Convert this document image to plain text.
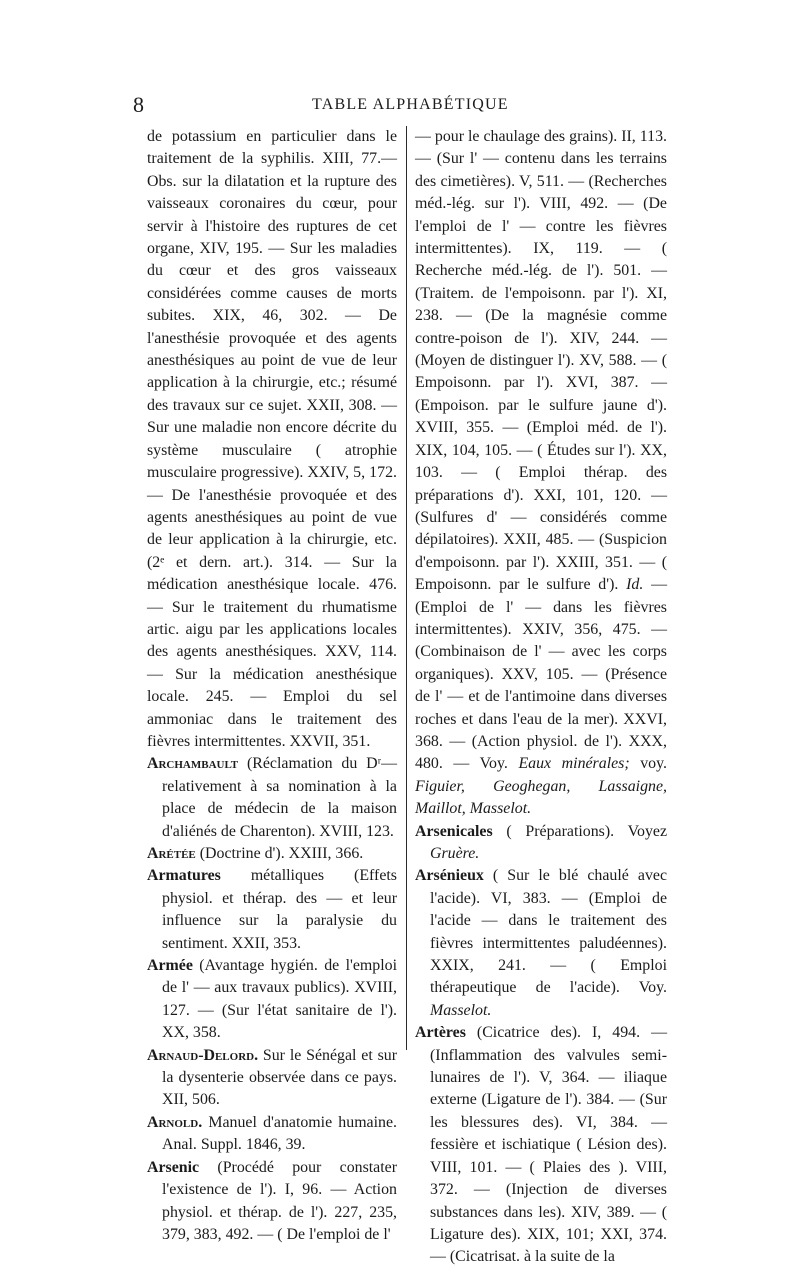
8	TABLE ALPHABÉTIQUE

de potassium en particulier dans le traitement de la syphilis. XIII, 77.— Obs. sur la dilatation et la rupture des vaisseaux coronaires du cœur, pour servir à l'histoire des ruptures de cet organe, XIV, 195. — Sur les maladies du cœur et des gros vaisseaux considérées comme causes de morts subites. XIX, 46, 302. — De l'anesthésie provoquée et des agents anesthésiques au point de vue de leur application à la chirurgie, etc.; résumé des travaux sur ce sujet. XXII, 308. — Sur une maladie non encore décrite du système musculaire ( atrophie musculaire progressive). XXIV, 5, 172. — De l'anesthésie provoquée et des agents anesthésiques au point de vue de leur application à la chirurgie, etc. (2ᵉ et dern. art.). 314. — Sur la médication anesthésique locale. 476. — Sur le traitement du rhumatisme artic. aigu par les applications locales des agents anesthésiques. XXV, 114. — Sur la médication anesthésique locale. 245. — Emploi du sel ammoniac dans le traitement des fièvres intermittentes. XXVII, 351.

Archambault (Réclamation du Dʳ— relativement à sa nomination à la place de médecin de la maison d'aliénés de Charenton). XVIII, 123.

Arétée (Doctrine d'). XXIII, 366.

Armatures métalliques (Effets physiol. et thérap. des — et leur influence sur la paralysie du sentiment. XXII, 353.

Armée (Avantage hygién. de l'emploi de l' — aux travaux publics). XVIII, 127. — (Sur l'état sanitaire de l'). XX, 358.

Arnaud-Delord. Sur le Sénégal et sur la dysenterie observée dans ce pays. XII, 506.

Arnold. Manuel d'anatomie humaine. Anal. Suppl. 1846, 39.

Arsenic (Procédé pour constater l'existence de l'). I, 96. — Action physiol. et thérap. de l'). 227, 235, 379, 383, 492. — ( De l'emploi de l'

— pour le chaulage des grains). II, 113. — (Sur l' — contenu dans les terrains des cimetières). V, 511. — (Recherches méd.-lég. sur l'). VIII, 492. — (De l'emploi de l' — contre les fièvres intermittentes). IX, 119. — ( Recherche méd.-lég. de l'). 501. — (Traitem. de l'empoisonn. par l'). XI, 238. — (De la magnésie comme contre-poison de l'). XIV, 244. — (Moyen de distinguer l'). XV, 588. — ( Empoisonn. par l'). XVI, 387. — (Empoison. par le sulfure jaune d'). XVIII, 355. — (Emploi méd. de l'). XIX, 104, 105. — ( Études sur l'). XX, 103. — ( Emploi thérap. des préparations d'). XXI, 101, 120. — (Sulfures d' — considérés comme dépilatoires). XXII, 485. — (Suspicion d'empoisonn. par l'). XXIII, 351. — ( Empoisonn. par le sulfure d'). Id. — (Emploi de l' — dans les fièvres intermittentes). XXIV, 356, 475. — (Combinaison de l' — avec les corps organiques). XXV, 105. — (Présence de l' — et de l'antimoine dans diverses roches et dans l'eau de la mer). XXVI, 368. — (Action physiol. de l'). XXX, 480. — Voy. Eaux minérales; voy. Figuier, Geoghegan, Lassaigne, Maillot, Masselot.

Arsenicales ( Préparations). Voyez Gruère.

Arsénieux ( Sur le blé chaulé avec l'acide). VI, 383. — (Emploi de l'acide — dans le traitement des fièvres intermittentes paludéennes). XXIX, 241. — ( Emploi thérapeutique de l'acide). Voy. Masselot.

Artères (Cicatrice des). I, 494. — (Inflammation des valvules semi-lunaires de l'). V, 364. — iliaque externe (Ligature de l'). 384. — (Sur les blessures des). VI, 384. — fessière et ischiatique ( Lésion des). VIII, 101. — ( Plaies des ). VIII, 372. — (Injection de diverses substances dans les). XIV, 389. — ( Ligature des). XIX, 101; XXI, 374. — (Cicatrisat. à la suite de la
